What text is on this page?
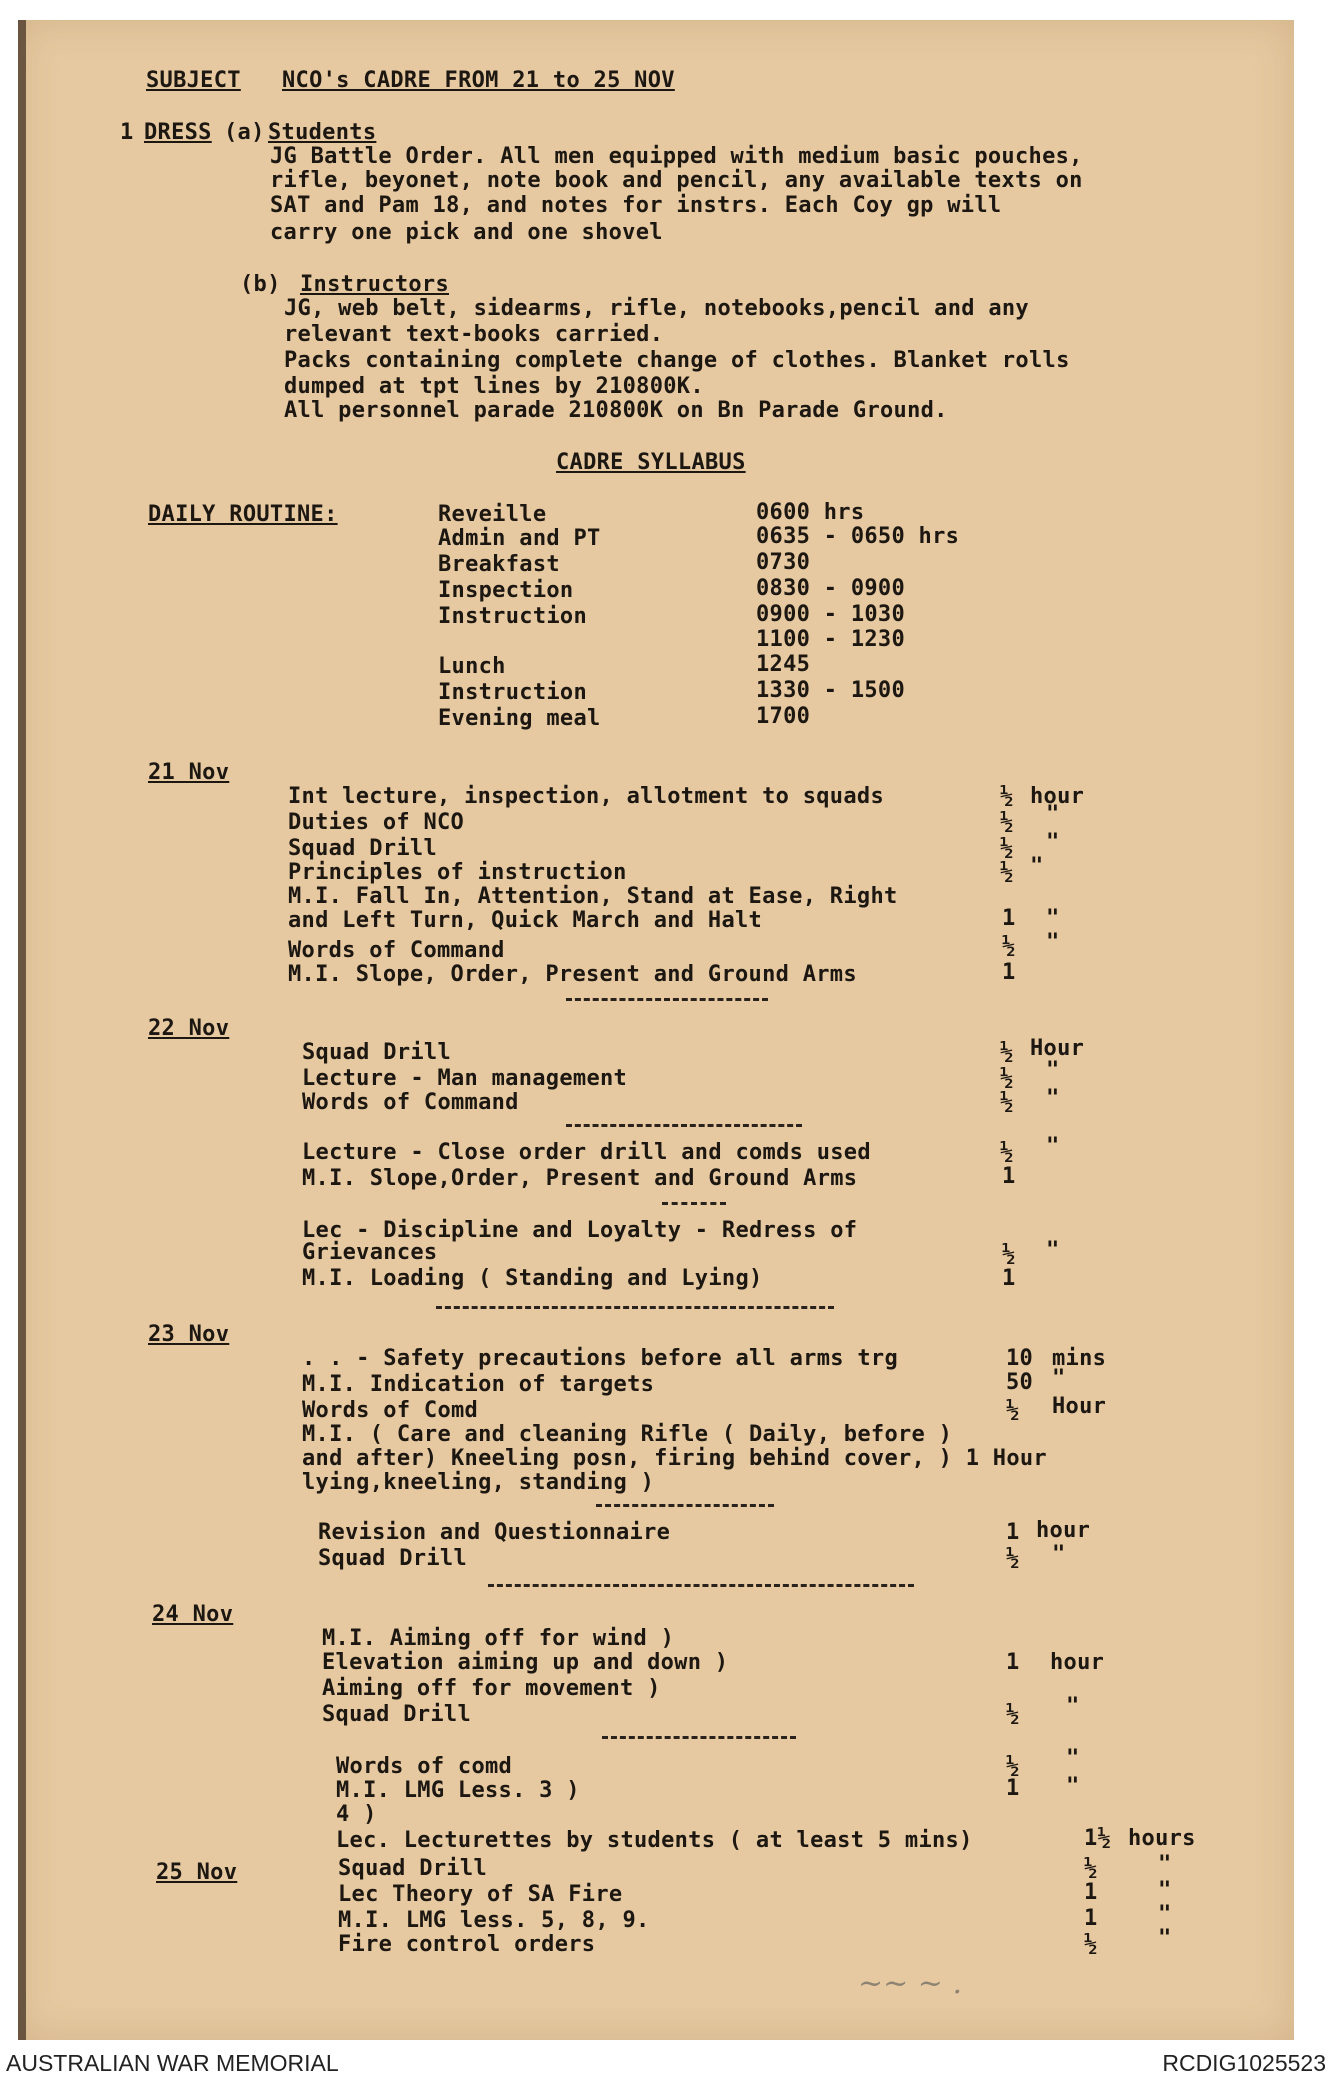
SUBJECT NCO's CADRE FROM 21 to 25 NOV
1 DRESS (a) Students
JG Battle Order. All men equipped with medium basic pouches,
rifle, beyonet, note book and pencil, any available texts on
SAT and Pam 18, and notes for instrs. Each Coy gp will
carry one pick and one shovel
(b) Instructors
JG, web belt, sidearms, rifle, notebooks,pencil and any
relevant text-books carried.
Packs containing complete change of clothes. Blanket rolls
dumped at tpt lines by 210800K.
All personnel parade 210800K on Bn Parade Ground.
CADRE SYLLABUS
DAILY ROUTINE:	Reveille	0600 hrs
Admin and PT	0635 - 0650 hrs
Breakfast	0730
Inspection	0830 - 0900
Instruction	0900 - 1030
1100 - 1230
Lunch	1245
Instruction	1330 - 1500
Evening meal	1700
21 Nov
Int lecture, inspection, allotment to squads	½ hour
Duties of NCO	½ "
Squad Drill	½ "
Principles of instruction	½ "
M.I. Fall In, Attention, Stand at Ease, Right
and Left Turn, Quick March and Halt	1 "
Words of Command	½ "
M.I. Slope, Order, Present and Ground Arms	1
22 Nov
Squad Drill	½ Hour
Lecture - Man management	½ "
Words of Command	½ "
Lecture - Close order drill and comds used	½ "
M.I. Slope,Order, Present and Ground Arms	1
Lec - Discipline and Loyalty - Redress of
Grievances	½ "
M.I. Loading ( Standing and Lying)	1
23 Nov
. . - Safety precautions before all arms trg	10 mins
M.I. Indication of targets	50 "
Words of Comd	½ Hour
M.I. ( Care and cleaning Rifle ( Daily, before )
and after) Kneeling posn, firing behind cover, ) 1 Hour
lying,kneeling, standing )
Revision and Questionnaire	1 hour
Squad Drill	½ "
24 Nov
M.I. Aiming off for wind )
Elevation aiming up and down )	1 hour
Aiming off for movement )
Squad Drill	½ "
Words of comd	½ "
M.I. LMG Less. 3 )	1 "
4 )
Lec. Lecturettes by students ( at least 5 mins)	1½ hours
25 Nov	Squad Drill	½	"
Lec Theory of SA Fire	1	"
M.I. LMG less. 5, 8, 9.	1	"
Fire control orders	½	"
~~ ~ .
AUSTRALIAN WAR MEMORIAL	RCDIG1025523
